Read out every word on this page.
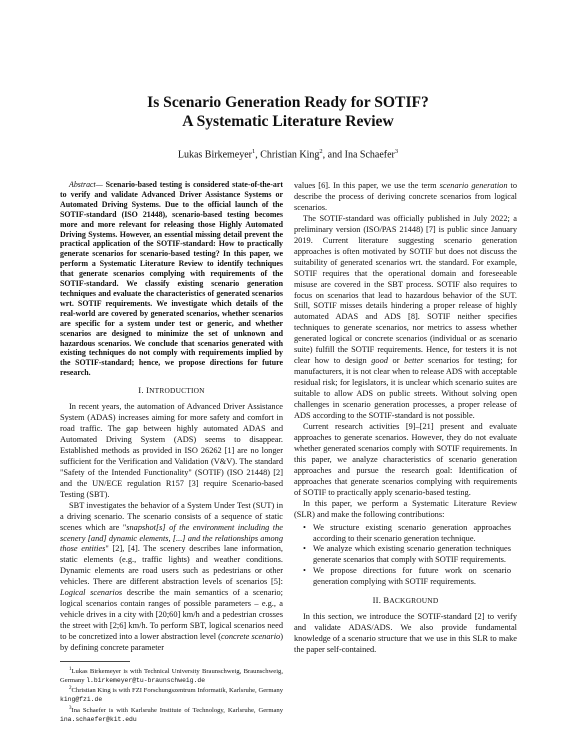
Is Scenario Generation Ready for SOTIF?
A Systematic Literature Review
Lukas Birkemeyer$^1$, Christian King$^2$, and Ina Schaefer$^3$

Abstract— Scenario-based testing is considered state-of-the-art to verify and validate Advanced Driver Assistance Systems or Automated Driving Systems. Due to the official launch of the SOTIF-standard (ISO 21448), scenario-based testing becomes more and more relevant for releasing those Highly Automated Driving Systems. However, an essential missing detail prevent the practical application of the SOTIF-standard: How to practically generate scenarios for scenario-based testing? In this paper, we perform a Systematic Literature Review to identify techniques that generate scenarios complying with requirements of the SOTIF-standard. We classify existing scenario generation techniques and evaluate the characteristics of generated scenarios wrt. SOTIF requirements. We investigate which details of the real-world are covered by generated scenarios, whether scenarios are specific for a system under test or generic, and whether scenarios are designed to minimize the set of unknown and hazardous scenarios. We conclude that scenarios generated with existing techniques do not comply with requirements implied by the SOTIF-standard; hence, we propose directions for future research.

I. INTRODUCTION

In recent years, the automation of Advanced Driver Assistance System (ADAS) increases aiming for more safety and comfort in road traffic. The gap between highly automated ADAS and Automated Driving System (ADS) seems to disappear. Established methods as provided in ISO 26262 [1] are no longer sufficient for the Verification and Validation (V&V). The standard "Safety of the Intended Functionality" (SOTIF) (ISO 21448) [2] and the UN/ECE regulation R157 [3] require Scenario-based Testing (SBT).

SBT investigates the behavior of a System Under Test (SUT) in a driving scenario. The scenario consists of a sequence of static scenes which are "snapshot[s] of the environment including the scenery [and] dynamic elements, [...] and the relationships among those entities" [2], [4]. The scenery describes lane information, static elements (e.g., traffic lights) and weather conditions. Dynamic elements are road users such as pedestrians or other vehicles. There are different abstraction levels of scenarios [5]: Logical scenarios describe the main semantics of a scenario; logical scenarios contain ranges of possible parameters – e.g., a vehicle drives in a city with [20;60] km/h and a pedestrian crosses the street with [2;6] km/h. To perform SBT, logical scenarios need to be concretized into a lower abstraction level (concrete scenario) by defining concrete parameter

$^1$Lukas Birkemeyer is with Technical University Braunschweig, Braunschweig, Germany l.birkemeyer@tu-braunschweig.de

$^2$Christian King is with FZI Forschungszentrum Informatik, Karlsruhe, Germany king@fzi.de

$^3$Ina Schaefer is with Karlsruhe Institute of Technology, Karlsruhe, Germany ina.schaefer@kit.edu

values [6]. In this paper, we use the term scenario generation to describe the process of deriving concrete scenarios from logical scenarios.

The SOTIF-standard was officially published in July 2022; a preliminary version (ISO/PAS 21448) [7] is public since January 2019. Current literature suggesting scenario generation approaches is often motivated by SOTIF but does not discuss the suitability of generated scenarios wrt. the standard. For example, SOTIF requires that the operational domain and foreseeable misuse are covered in the SBT process. SOTIF also requires to focus on scenarios that lead to hazardous behavior of the SUT. Still, SOTIF misses details hindering a proper release of highly automated ADAS and ADS [8]. SOTIF neither specifies techniques to generate scenarios, nor metrics to assess whether generated logical or concrete scenarios (individual or as scenario suite) fulfill the SOTIF requirements. Hence, for testers it is not clear how to design good or better scenarios for testing; for manufacturers, it is not clear when to release ADS with acceptable residual risk; for legislators, it is unclear which scenario suites are suitable to allow ADS on public streets. Without solving open challenges in scenario generation processes, a proper release of ADS according to the SOTIF-standard is not possible.

Current research activities [9]–[21] present and evaluate approaches to generate scenarios. However, they do not evaluate whether generated scenarios comply with SOTIF requirements. In this paper, we analyze characteristics of scenario generation approaches and pursue the research goal: Identification of approaches that generate scenarios complying with requirements of SOTIF to practically apply scenario-based testing.

In this paper, we perform a Systematic Literature Review (SLR) and make the following contributions:

• We structure existing scenario generation approaches according to their scenario generation technique.
• We analyze which existing scenario generation techniques generate scenarios that comply with SOTIF requirements.
• We propose directions for future work on scenario generation complying with SOTIF requirements.
II. BACKGROUND

In this section, we introduce the SOTIF-standard [2] to verify and validate ADAS/ADS. We also provide fundamental knowledge of a scenario structure that we use in this SLR to make the paper self-contained.
